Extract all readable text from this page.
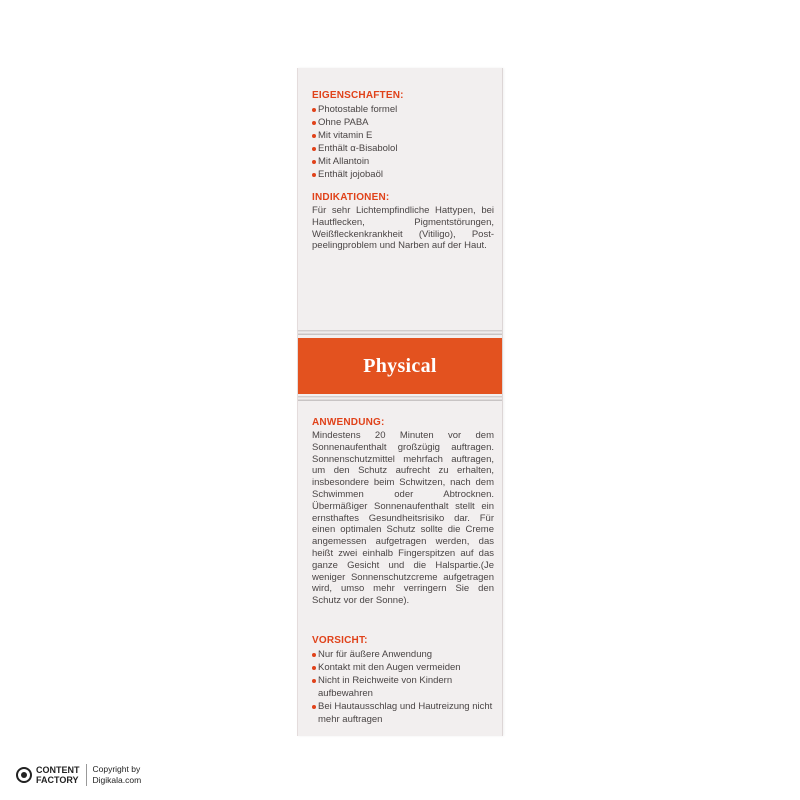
EIGENSCHAFTEN:
Photostable formel
Ohne PABA
Mit vitamin E
Enthält α-Bisabolol
Mit Allantoin
Enthält jojobaöl
INDIKATIONEN:

Für sehr Lichtempfindliche Hattypen, bei Hautflecken, Pigmentstörungen, Weißfleckenkrankheit (Vitiligo), Post-peelingproblem und Narben auf der Haut.

Physical
ANWENDUNG:

Mindestens 20 Minuten vor dem Sonnenaufenthalt großzügig auftragen. Sonnenschutzmittel mehrfach auftragen, um den Schutz aufrecht zu erhalten, insbesondere beim Schwitzen, nach dem Schwimmen oder Abtrocknen. Übermäßiger Sonnenaufenthalt stellt ein ernsthaftes Gesundheitsrisiko dar. Für einen optimalen Schutz sollte die Creme angemessen aufgetragen werden, das heißt zwei einhalb Fingerspitzen auf das ganze Gesicht und die Halspartie.(Je weniger Sonnenschutzcreme aufgetragen wird, umso mehr verringern Sie den Schutz vor der Sonne).

VORSICHT:
Nur für äußere Anwendung
Kontakt mit den Augen vermeiden
Nicht in Reichweite von Kindern aufbewahren
Bei Hautausschlag und Hautreizung nicht mehr auftragen
CONTENT
FACTORY
Copyright by
Digikala.com
